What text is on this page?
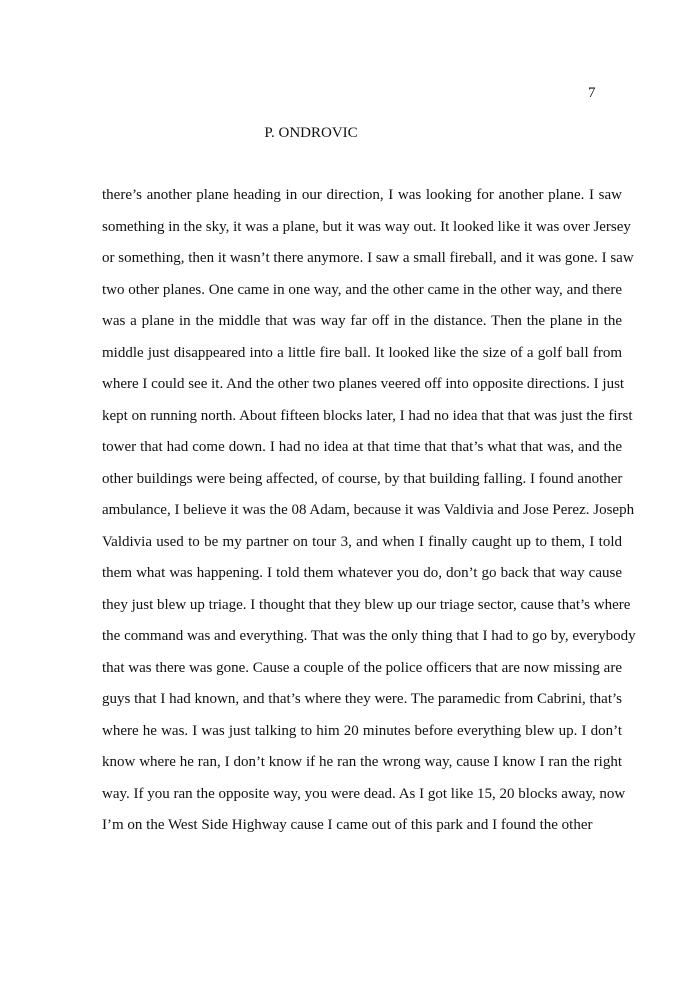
7
P. ONDROVIC
there’s another plane heading in our direction, I was looking for another plane. I saw
something in the sky, it was a plane, but it was way out. It looked like it was over Jersey
or something, then it wasn’t there anymore. I saw a small fireball, and it was gone. I saw
two other planes. One came in one way, and the other came in the other way, and there
was a plane in the middle that was way far off in the distance. Then the plane in the
middle just disappeared into a little fire ball. It looked like the size of a golf ball from
where I could see it. And the other two planes veered off into opposite directions. I just
kept on running north. About fifteen blocks later, I had no idea that that was just the first
tower that had come down. I had no idea at that time that that’s what that was, and the
other buildings were being affected, of course, by that building falling. I found another
ambulance, I believe it was the 08 Adam, because it was Valdivia and Jose Perez. Joseph
Valdivia used to be my partner on tour 3, and when I finally caught up to them, I told
them what was happening. I told them whatever you do, don’t go back that way cause
they just blew up triage. I thought that they blew up our triage sector, cause that’s where
the command was and everything. That was the only thing that I had to go by, everybody
that was there was gone. Cause a couple of the police officers that are now missing are
guys that I had known, and that’s where they were. The paramedic from Cabrini, that’s
where he was. I was just talking to him 20 minutes before everything blew up. I don’t
know where he ran, I don’t know if he ran the wrong way, cause I know I ran the right
way. If you ran the opposite way, you were dead. As I got like 15, 20 blocks away, now
I’m on the West Side Highway cause I came out of this park and I found the other
